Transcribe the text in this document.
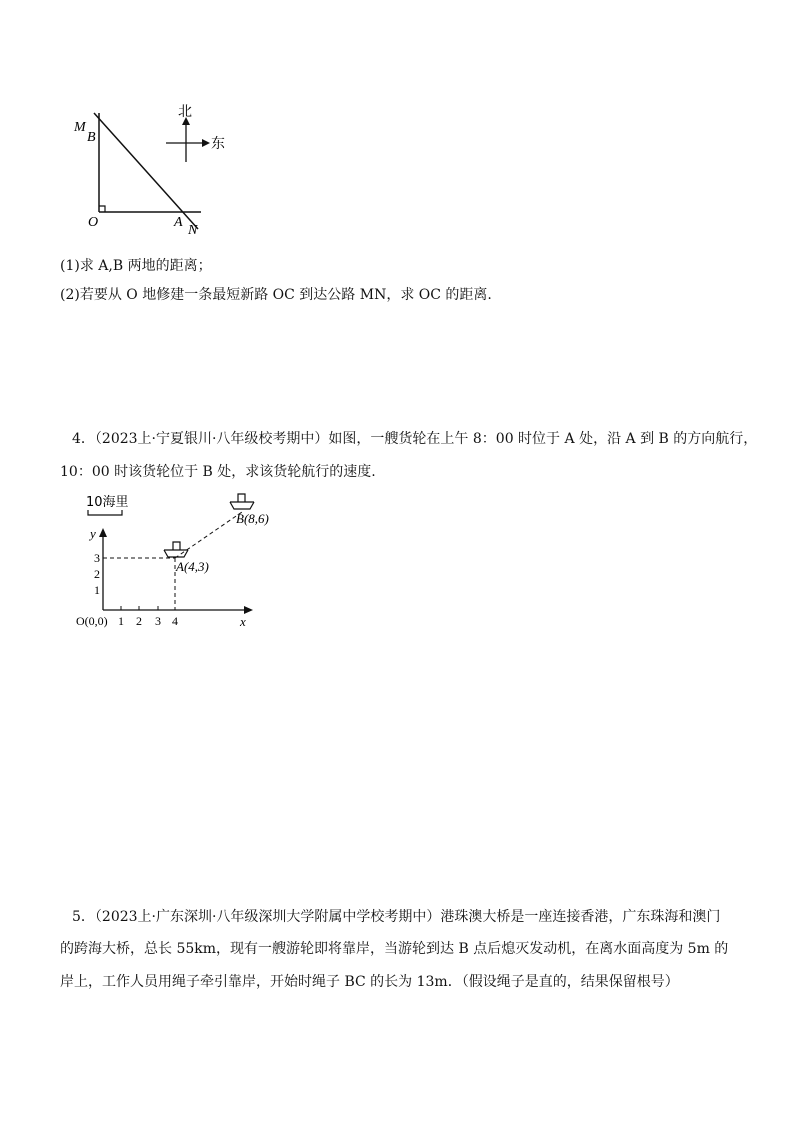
M
B
O	A
N
北
东
(1)求 A,B 两地的距离；
(2)若要从 O 地修建一条最短新路 OC 到达公路 MN，求 OC 的距离.
4．（2023上·宁夏银川·八年级校考期中）如图，一艘货轮在上午 8：00 时位于 A 处，沿 A 到 B 的方向航行，
10：00 时该货轮位于 B 处，求该货轮航行的速度.
10海里
y
x
3
2
1
1 2 3 4
O(0,0)
A(4,3)
B(8,6)
5．（2023上·广东深圳·八年级深圳大学附属中学校考期中）港珠澳大桥是一座连接香港，广东珠海和澳门
的跨海大桥，总长 55km，现有一艘游轮即将靠岸，当游轮到达 B 点后熄灭发动机，在离水面高度为 5m 的
岸上，工作人员用绳子牵引靠岸，开始时绳子 BC 的长为 13m．（假设绳子是直的，结果保留根号）
